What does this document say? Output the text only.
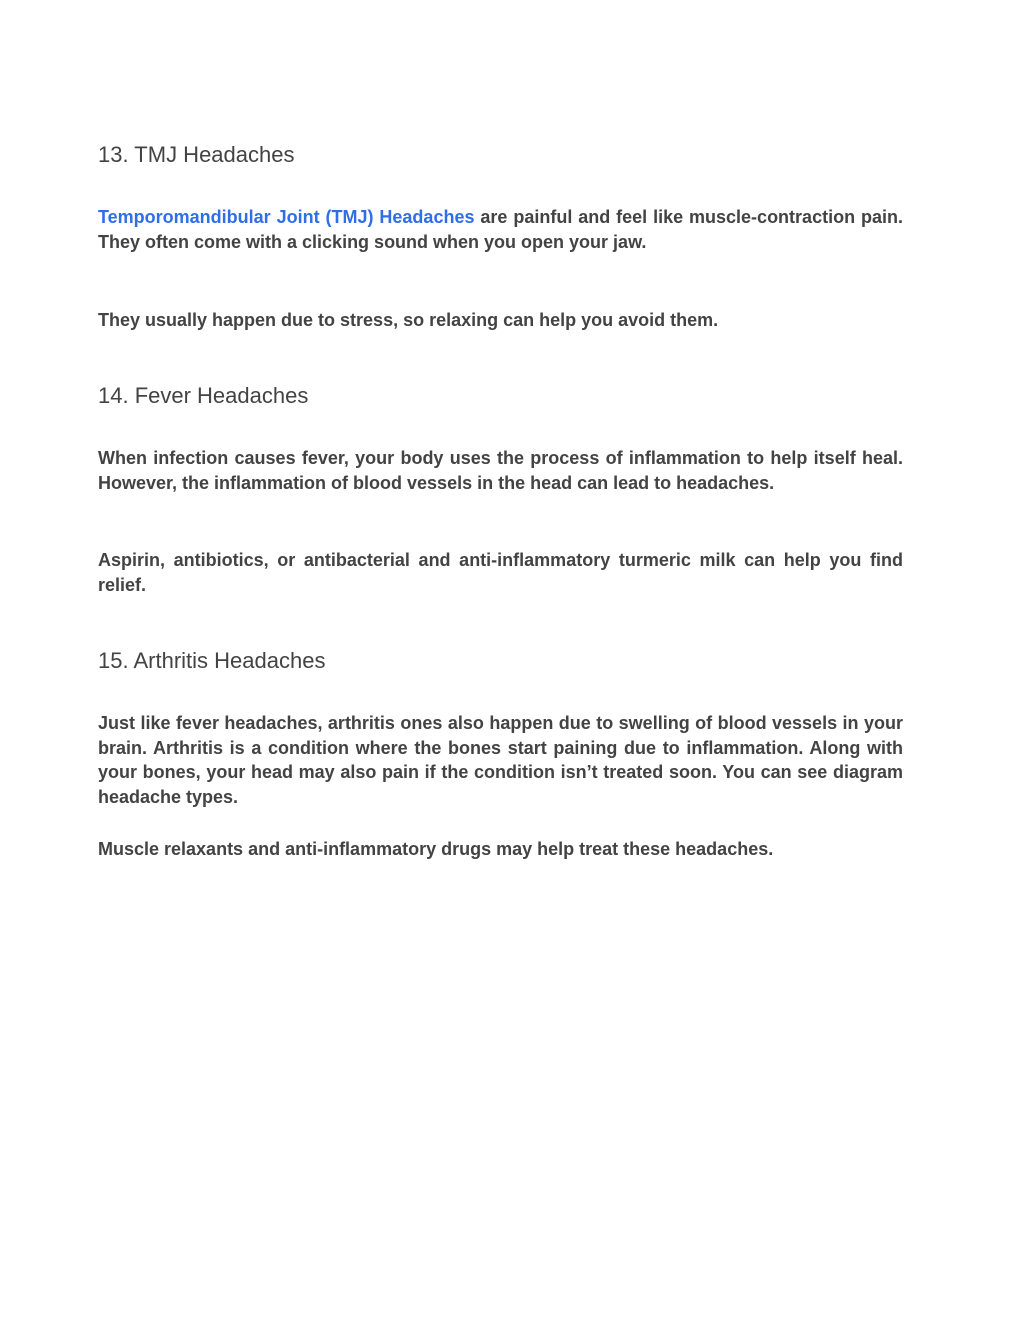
13. TMJ Headaches

Temporomandibular Joint (TMJ) Headaches are painful and feel like muscle‐contraction pain. They often come with a clicking sound when you open your jaw.

They usually happen due to stress, so relaxing can help you avoid them.

14. Fever Headaches

When infection causes fever, your body uses the process of inflammation to help itself heal. However, the inflammation of blood vessels in the head can lead to headaches.

Aspirin, antibiotics, or antibacterial and anti-inflammatory turmeric milk can help you find relief.

15. Arthritis Headaches

Just like fever headaches, arthritis ones also happen due to swelling of blood vessels in your brain. Arthritis is a condition where the bones start paining due to inflammation. Along with your bones, your head may also pain if the condition isn’t treated soon. You can see diagram headache types.

Muscle relaxants and anti-inflammatory drugs may help treat these headaches.
